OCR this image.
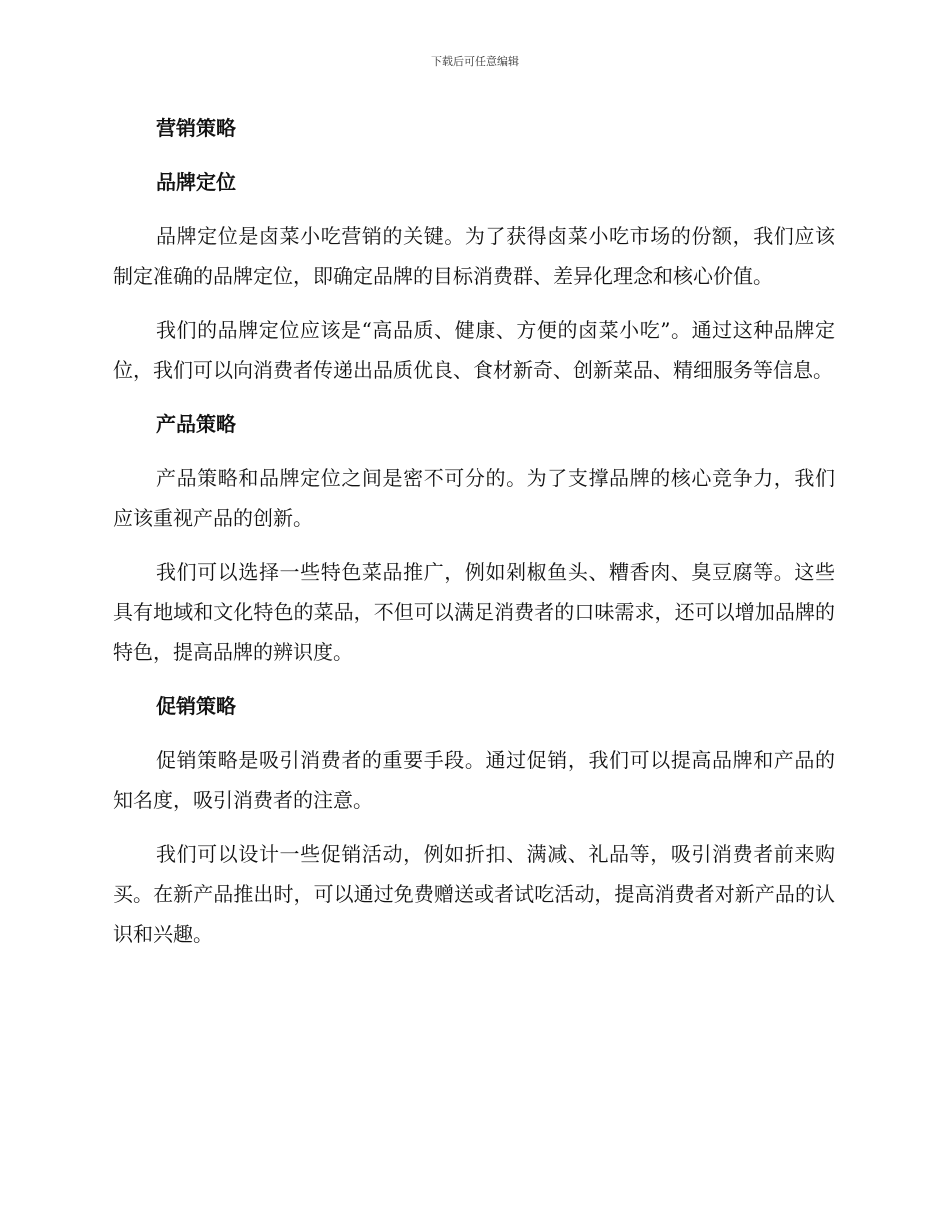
下载后可任意编辑
营销策略
品牌定位

品牌定位是卤菜小吃营销的关键。为了获得卤菜小吃市场的份额，我们应该制定准确的品牌定位，即确定品牌的目标消费群、差异化理念和核心价值。

我们的品牌定位应该是“高品质、健康、方便的卤菜小吃”。通过这种品牌定位，我们可以向消费者传递出品质优良、食材新奇、创新菜品、精细服务等信息。

产品策略

产品策略和品牌定位之间是密不可分的。为了支撑品牌的核心竞争力，我们应该重视产品的创新。

我们可以选择一些特色菜品推广，例如剁椒鱼头、糟香肉、臭豆腐等。这些具有地域和文化特色的菜品，不但可以满足消费者的口味需求，还可以增加品牌的特色，提高品牌的辨识度。

促销策略

促销策略是吸引消费者的重要手段。通过促销，我们可以提高品牌和产品的知名度，吸引消费者的注意。

我们可以设计一些促销活动，例如折扣、满减、礼品等，吸引消费者前来购买。在新产品推出时，可以通过免费赠送或者试吃活动，提高消费者对新产品的认识和兴趣。
